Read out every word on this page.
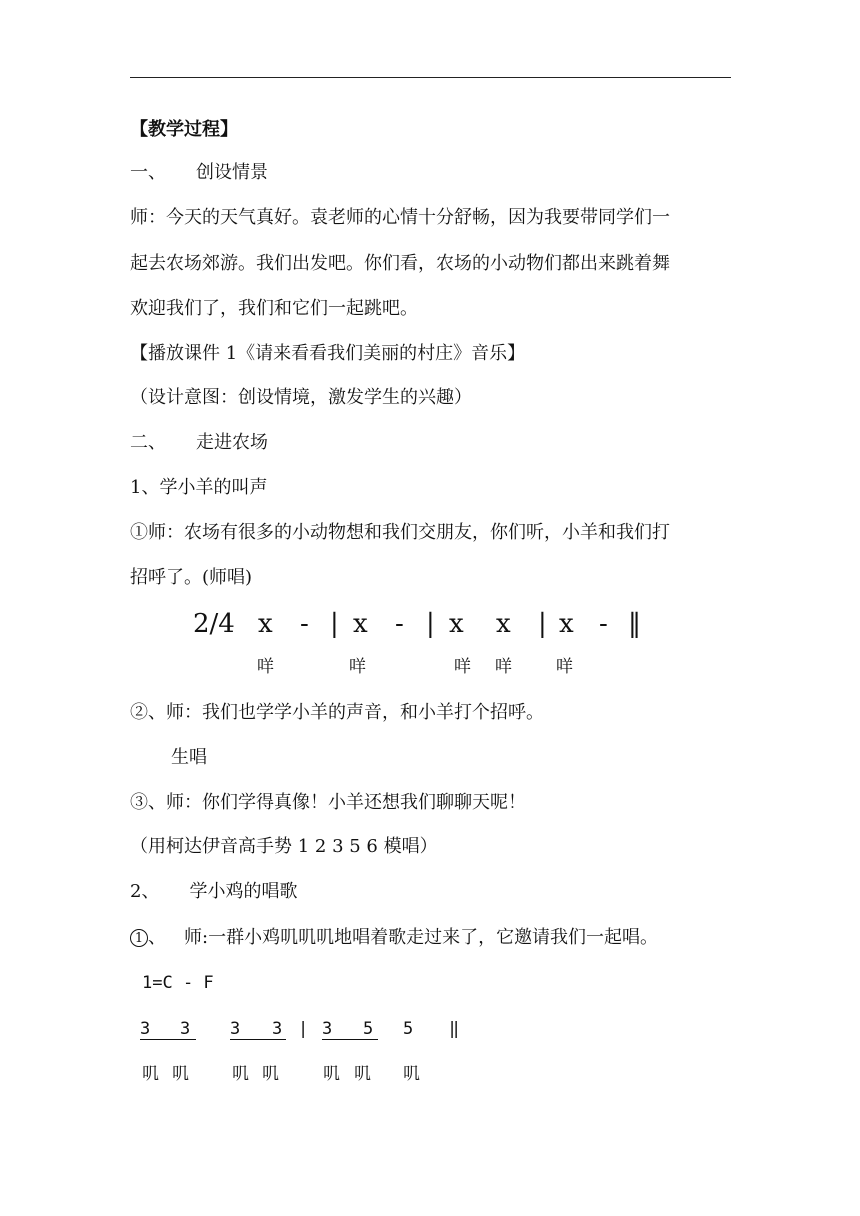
【教学过程】
一、 创设情景
师：今天的天气真好。袁老师的心情十分舒畅，因为我要带同学们一
起去农场郊游。我们出发吧。你们看，农场的小动物们都出来跳着舞
欢迎我们了，我们和它们一起跳吧。
【播放课件 1《请来看看我们美丽的村庄》音乐】
（设计意图：创设情境，激发学生的兴趣）
二、 走进农场
1、学小羊的叫声
①师：农场有很多的小动物想和我们交朋友，你们听，小羊和我们打
招呼了。(师唱)
2/4 x - | x - | x x | x - ‖
咩	咩	咩 咩	咩
②、师：我们也学学小羊的声音，和小羊打个招呼。
生唱
③、师：你们学得真像！小羊还想我们聊聊天呢！
（用柯达伊音高手势 1 2 3 5 6 模唱）
2、 学小鸡的唱歌
1 、 师:一群小鸡叽叽叽地唱着歌走过来了，它邀请我们一起唱。
1=C - F
3 3 3 3 | 3 5 5 ‖
叽 叽	叽 叽	叽 叽 叽
